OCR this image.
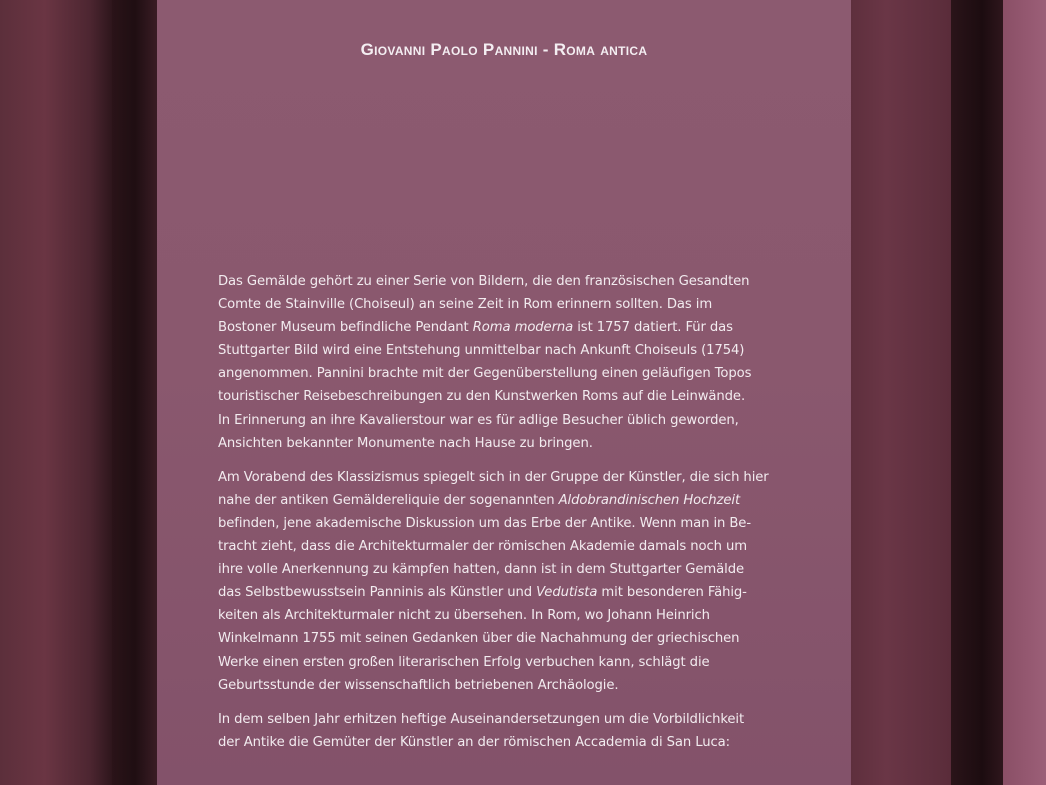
Giovanni Paolo Pannini - Roma antica

Das Gemälde gehört zu einer Serie von Bildern, die den französischen Gesandten
Comte de Stainville (Choiseul) an seine Zeit in Rom erinnern sollten. Das im
Bostoner Museum befindliche Pendant Roma moderna ist 1757 datiert. Für das
Stuttgarter Bild wird eine Entstehung unmittelbar nach Ankunft Choiseuls (1754)
angenommen. Pannini brachte mit der Gegenüberstellung einen geläufigen Topos
touristischer Reisebeschreibungen zu den Kunstwerken Roms auf die Leinwände.
In Erinnerung an ihre Kavalierstour war es für adlige Besucher üblich geworden,
Ansichten bekannter Monumente nach Hause zu bringen.

Am Vorabend des Klassizismus spiegelt sich in der Gruppe der Künstler, die sich hier
nahe der antiken Gemäldereliquie der sogenannten Aldobrandinischen Hochzeit
befinden, jene akademische Diskussion um das Erbe der Antike. Wenn man in Be-
tracht zieht, dass die Architekturmaler der römischen Akademie damals noch um
ihre volle Anerkennung zu kämpfen hatten, dann ist in dem Stuttgarter Gemälde
das Selbstbewusstsein Panninis als Künstler und Vedutista mit besonderen Fähig-
keiten als Architekturmaler nicht zu übersehen. In Rom, wo Johann Heinrich
Winkelmann 1755 mit seinen Gedanken über die Nachahmung der griechischen
Werke einen ersten großen literarischen Erfolg verbuchen kann, schlägt die
Geburtsstunde der wissenschaftlich betriebenen Archäologie.

In dem selben Jahr erhitzen heftige Auseinandersetzungen um die Vorbildlichkeit
der Antike die Gemüter der Künstler an der römischen Accademia di San Luca:
